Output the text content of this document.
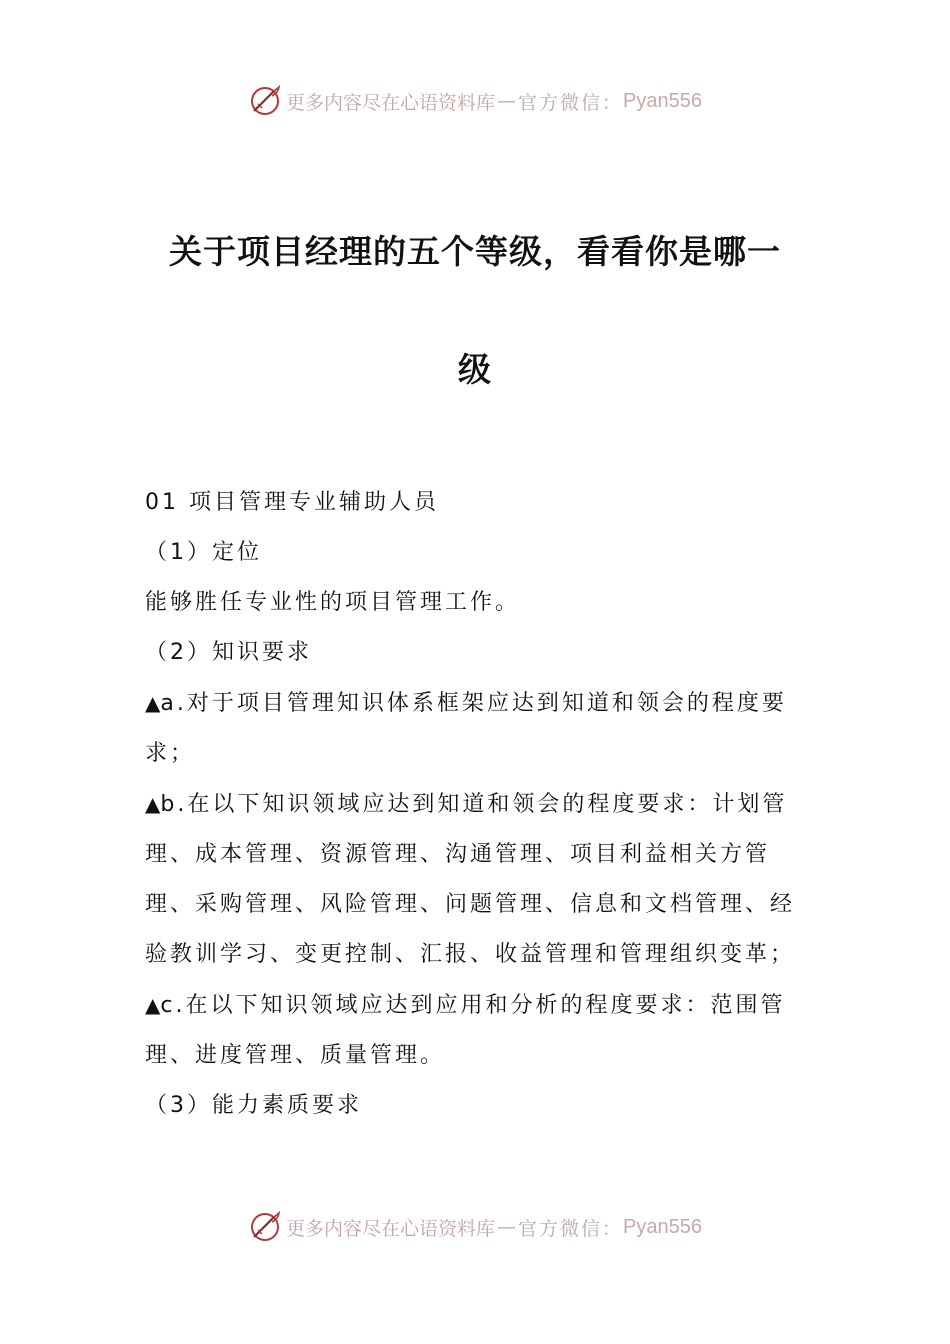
更多内容尽在心语资料库 — 官方微信： Pyan556
关于项目经理的五个等级，看看你是哪一
级

01 项目管理专业辅助人员

（1）定位

能够胜任专业性的项目管理工作。

（2）知识要求

▲a.对于项目管理知识体系框架应达到知道和领会的程度要求；

▲b.在以下知识领域应达到知道和领会的程度要求：计划管理、成本管理、资源管理、沟通管理、项目利益相关方管理、采购管理、风险管理、问题管理、信息和文档管理、经验教训学习、变更控制、汇报、收益管理和管理组织变革；

▲c.在以下知识领域应达到应用和分析的程度要求：范围管理、进度管理、质量管理。

（3）能力素质要求

更多内容尽在心语资料库 — 官方微信： Pyan556
